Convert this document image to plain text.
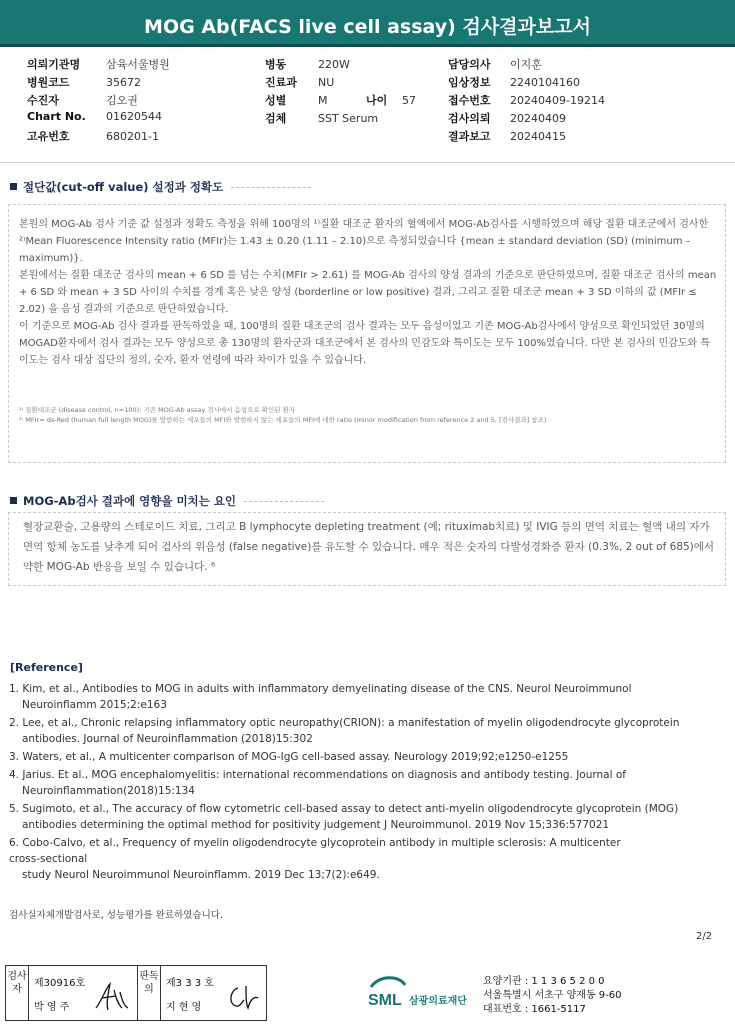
MOG Ab(FACS live cell assay) 검사결과보고서
의뢰기관명 삼육서울병원
병원코드	35672
수진자	김오권
Chart No. 01620544
고유번호	680201-1
병동	220W
진료과 NU
성별	M	나이 57
검체	SST Serum
담당의사 이지훈
임상정보 2240104160
접수번호 20240409-19214
검사의뢰 20240409
결과보고 20240415
절단값(cut-off value) 설정과 정확도

본원의 MOG-Ab 검사 기준 값 설정과 정확도 측정을 위해 100명의 ¹⁾질환 대조군 환자의 혈액에서 MOG-Ab검사를 시행하였으며 해당 질환 대조군에서 검사한 ²⁾Mean Fluorescence Intensity ratio (MFIr)는 1.43 ± 0.20 (1.11 – 2.10)으로 측정되었습니다 {mean ± standard deviation (SD) (minimum – maximum)}.

본원에서는 질환 대조군 검사의 mean + 6 SD 를 넘는 수치(MFIr > 2.61) 를 MOG-Ab 검사의 양성 결과의 기준으로 판단하였으며, 질환 대조군 검사의 mean + 6 SD 와 mean + 3 SD 사이의 수치를 경계 혹은 낮은 양성 (borderline or low positive) 결과, 그리고 질환 대조군 mean + 3 SD 이하의 값 (MFIr ≤ 2.02) 을 음성 결과의 기준으로 판단하였습니다.

이 기준으로 MOG-Ab 검사 결과를 판독하였을 때, 100명의 질환 대조군의 검사 결과는 모두 음성이었고 기존 MOG-Ab검사에서 양성으로 확인되었던 30명의 MOGAD환자에서 검사 결과는 모두 양성으로 총 130명의 환자군과 대조군에서 본 검사의 민감도와 특이도는 모두 100%였습니다. 다만 본 검사의 민감도와 특이도는 검사 대상 집단의 정의, 숫자, 환자 연령에 따라 차이가 있을 수 있습니다.

¹⁾ 질환대조군 (disease control, n=100): 기존 MOG-Ab assay 검사에서 음성으로 확인된 환자
²⁾ MFIr= ds-Red (human full length MOG)를 발현하는 세포들의 MFI와 발현하지 않는 세포들의 MFI에 대한 ratio (minor modification from reference 2 and 5, [검사결과] 참조)
MOG-Ab검사 결과에 영향을 미치는 요인

혈장교환술, 고용량의 스테로이드 치료, 그리고 B lymphocyte depleting treatment (예; rituximab치료) 및 IVIG 등의 면역 치료는 혈액 내의 자가면역 항체 농도를 낮추게 되어 검사의 위음성 (false negative)를 유도할 수 있습니다. 매우 적은 숫자의 다발성경화증 환자 (0.3%, 2 out of 685)에서 약한 MOG-Ab 반응을 보일 수 있습니다. ⁶

[Reference]
1. Kim, et al., Antibodies to MOG in adults with inflammatory demyelinating disease of the CNS. Neurol Neuroimmunol
Neuroinflamm 2015;2:e163
2. Lee, et al., Chronic relapsing inflammatory optic neuropathy(CRION): a manifestation of myelin oligodendrocyte glycoprotein
antibodies. Journal of Neuroinflammation (2018)15:302
3. Waters, et al., A multicenter comparison of MOG-IgG cell-based assay. Neurology 2019;92;e1250-e1255
4. Jarius. Et al., MOG encephalomyelitis: international recommendations on diagnosis and antibody testing. Journal of
Neuroinflammation(2018)15:134
5. Sugimoto, et al., The accuracy of flow cytometric cell-based assay to detect anti-myelin oligodendrocyte glycoprotein (MOG)
antibodies determining the optimal method for positivity judgement J Neuroimmunol. 2019 Nov 15;336:577021
6. Cobo-Calvo, et al., Frequency of myelin oligodendrocyte glycoprotein antibody in multiple sclerosis: A multicenter
cross-sectional
study Neurol Neuroimmunol Neuroinflamm. 2019 Dec 13;7(2):e649.
검사실자체개발검사로, 성능평가를 완료하였습니다.
2/2
검사자
제30916호
박 영 주
판독의
제3 3 3 호
지 현 영	SML 삼광의료재단
요양기관 : 1 1 3 6 5 2 0 0
서울특별시 서초구 양재동 9-60
대표번호 : 1661-5117
